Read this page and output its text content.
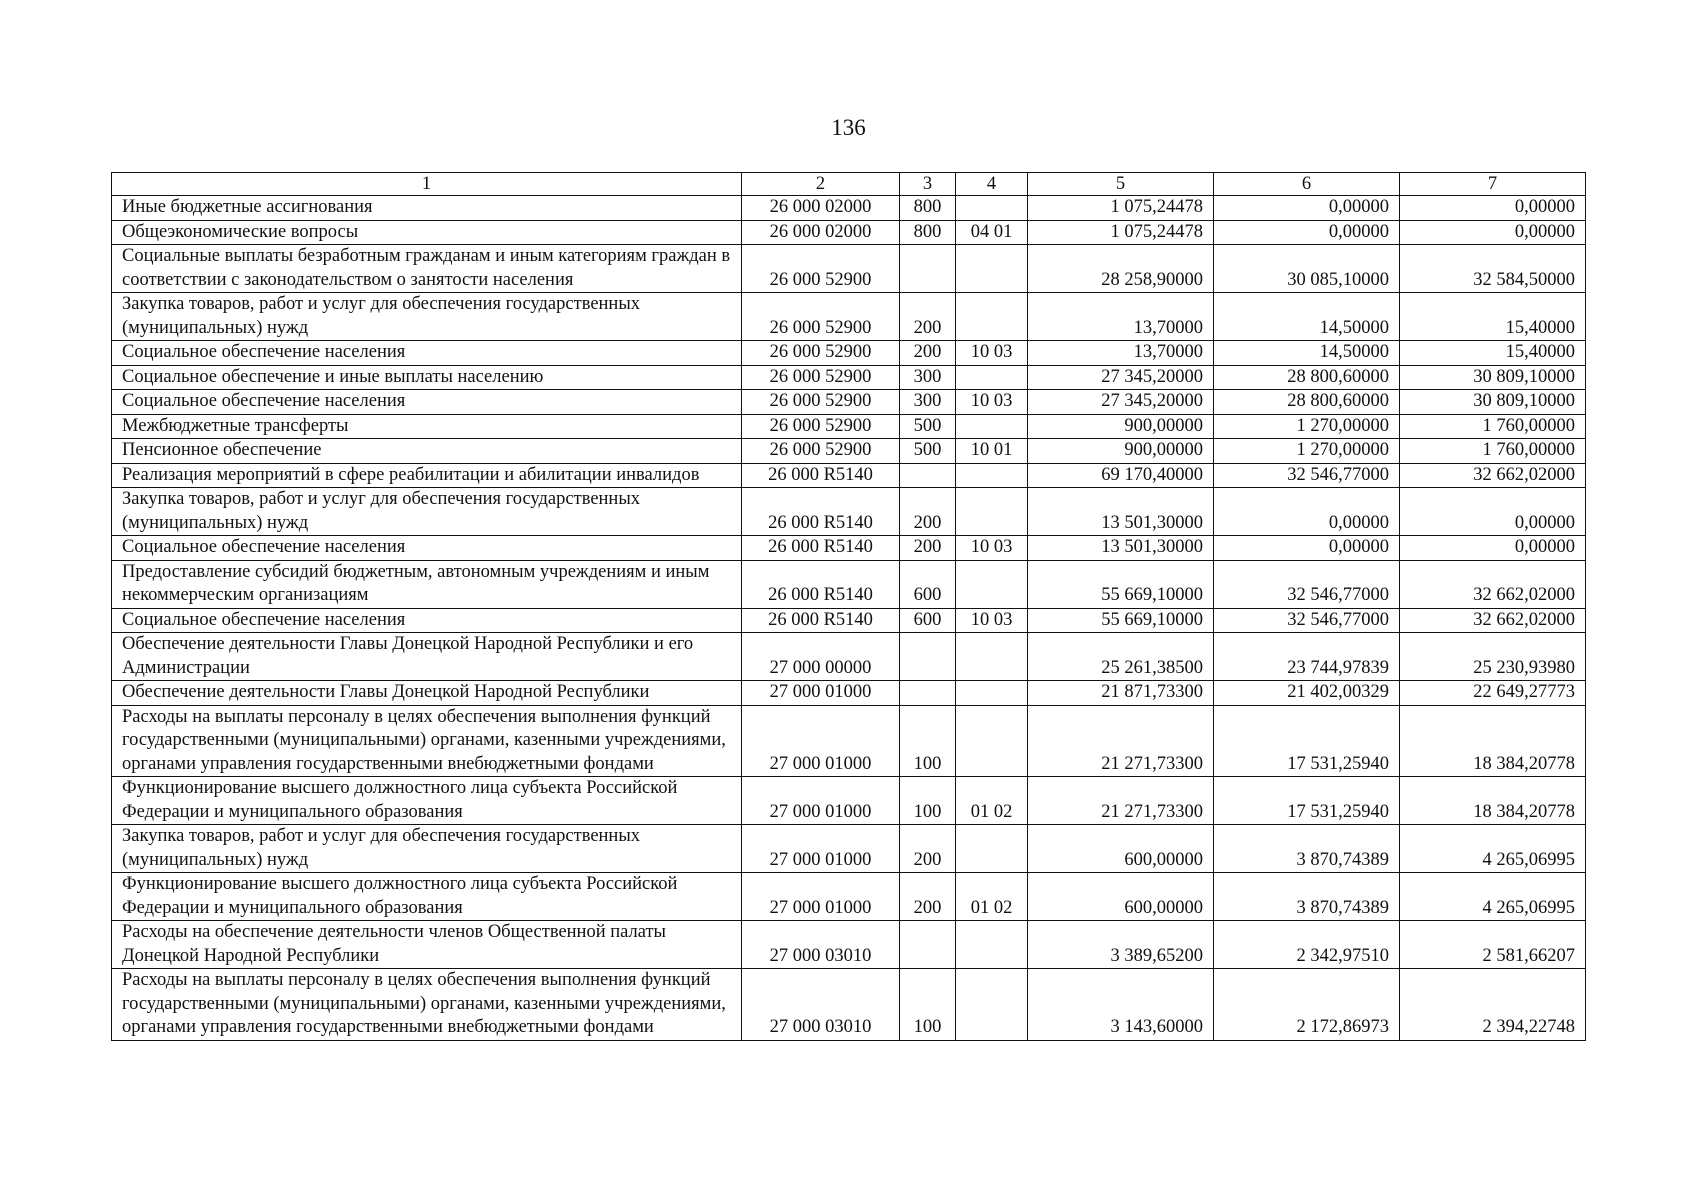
136
1	2	3	4	5	6	7
Иные бюджетные ассигнования	26 000 02000	800		1 075,24478	0,00000	0,00000
Общеэкономические вопросы	26 000 02000	800	04 01	1 075,24478	0,00000	0,00000
Социальные выплаты безработным гражданам и иным категориям граждан в соответствии с законодательством о занятости населения	26 000 52900			28 258,90000	30 085,10000	32 584,50000
Закупка товаров, работ и услуг для обеспечения государственных (муниципальных) нужд	26 000 52900	200		13,70000	14,50000	15,40000
Социальное обеспечение населения	26 000 52900	200	10 03	13,70000	14,50000	15,40000
Социальное обеспечение и иные выплаты населению	26 000 52900	300		27 345,20000	28 800,60000	30 809,10000
Социальное обеспечение населения	26 000 52900	300	10 03	27 345,20000	28 800,60000	30 809,10000
Межбюджетные трансферты	26 000 52900	500		900,00000	1 270,00000	1 760,00000
Пенсионное обеспечение	26 000 52900	500	10 01	900,00000	1 270,00000	1 760,00000
Реализация мероприятий в сфере реабилитации и абилитации инвалидов	26 000 R5140			69 170,40000	32 546,77000	32 662,02000
Закупка товаров, работ и услуг для обеспечения государственных (муниципальных) нужд	26 000 R5140	200		13 501,30000	0,00000	0,00000
Социальное обеспечение населения	26 000 R5140	200	10 03	13 501,30000	0,00000	0,00000
Предоставление субсидий бюджетным, автономным учреждениям и иным некоммерческим организациям	26 000 R5140	600		55 669,10000	32 546,77000	32 662,02000
Социальное обеспечение населения	26 000 R5140	600	10 03	55 669,10000	32 546,77000	32 662,02000
Обеспечение деятельности Главы Донецкой Народной Республики и его Администрации	27 000 00000			25 261,38500	23 744,97839	25 230,93980
Обеспечение деятельности Главы Донецкой Народной Республики	27 000 01000			21 871,73300	21 402,00329	22 649,27773
Расходы на выплаты персоналу в целях обеспечения выполнения функций государственными (муниципальными) органами, казенными учреждениями, органами управления государственными внебюджетными фондами	27 000 01000	100		21 271,73300	17 531,25940	18 384,20778
Функционирование высшего должностного лица субъекта Российской Федерации и муниципального образования	27 000 01000	100	01 02	21 271,73300	17 531,25940	18 384,20778
Закупка товаров, работ и услуг для обеспечения государственных (муниципальных) нужд	27 000 01000	200		600,00000	3 870,74389	4 265,06995
Функционирование высшего должностного лица субъекта Российской Федерации и муниципального образования	27 000 01000	200	01 02	600,00000	3 870,74389	4 265,06995
Расходы на обеспечение деятельности членов Общественной палаты Донецкой Народной Республики	27 000 03010			3 389,65200	2 342,97510	2 581,66207
Расходы на выплаты персоналу в целях обеспечения выполнения функций государственными (муниципальными) органами, казенными учреждениями, органами управления государственными внебюджетными фондами	27 000 03010	100		3 143,60000	2 172,86973	2 394,22748
